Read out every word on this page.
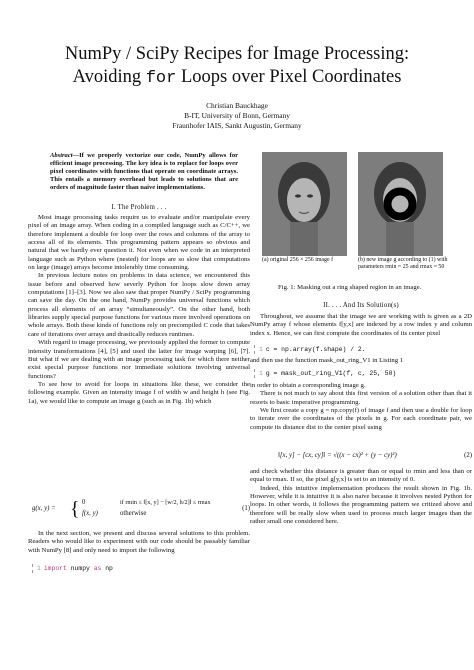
NumPy / SciPy Recipes for Image Processing:
Avoiding for Loops over Pixel Coordinates
Christian Bauckhage
B-IT, University of Bonn, Germany
Fraunhofer IAIS, Sankt Augustin, Germany
Abstract—If we properly vectorize our code, NumPy allows for efficient image processing. The key idea is to replace for loops over pixel coordinates with functions that operate on coordinate arrays. This entails a memory overhead but leads to solutions that are orders of magnitude faster than naive implementations.
I. The Problem . . .

Most image processing tasks require us to evaluate and/or manipulate every pixel of an image array. When coding in a compiled language such as C/C++, we therefore implement a double for loop over the rows and columns of the array to access all of its elements. This programming pattern appears so obvious and natural that we hardly ever question it. Not even when we code in an interpreted language such as Python where (nested) for loops are so slow that computations on large (image) arrays become intolerably time consuming.

In previous lecture notes on problems in data science, we encountered this issue before and observed how severly Python for loops slow down array computations [1]–[3]. Now we also saw that proper NumPy / SciPy programming can save the day. On the one hand, NumPy provides universal functions which process all elements of an array “simultaneously”. On the other hand, both libraries supply special purpose functions for various more involved operations on whole arrays. Both these kinds of functions rely on precompiled C code that takes care of iterations over arrays and drastically reduces runtimes.

With regard to image processing, we previously applied the former to compute intensity transformations [4], [5] and used the latter for image warping [6], [7]. But what if we are dealing with an image processing task for which there neither exist special purpose functions nor immediate solutions involving universal functions?

To see how to avoid for loops in situations like these, we consider the following example. Given an intensity image f of width w and height h (see Fig. 1a), we would like to compute an image g (such as in Fig. 1b) which

g(x, y) = { 0	if rmin ≤ ‖[x, y] − [w/2, h/2]‖ ≤ rmax
f(x, y)	otherwise
(1)

In the next section, we present and discuss several solutions to this problem. Readers who would like to experiment with our code should be passably familiar with NumPy [8] and only need to import the following

1 import numpy as np
(a) original 256 × 256 image f	(b) new image g according to (1) with parameters rmin = 25 and rmax = 50
Fig. 1: Masking out a ring shaped region in an image.
II. . . . And Its Solution(s)

Throughout, we assume that the image we are working with is given as a 2D NumPy array f whose elements f[y,x] are indexed by a row index y and column index x. Hence, we can first compute the coordinates of its center pixel

1 c = np.array(f.shape) / 2.

and then use the function mask_out_ring_V1 in Listing 1

1 g = mask_out_ring_V1(f, c, 25, 50)

in order to obtain a corresponding image g.

There is not much to say about this first version of a solution other than that it resorts to basic imperative programming.

We first create a copy g = np.copy(f) of image f and then use a double for loop to iterate over the coordinates of the pixels in g. For each coordinate pair, we compute its distance dist to the center pixel using

‖[x, y] − [cx, cy]‖ = √((x − cx)² + (y − cy)²)	(2)

and check whether this distance is greater than or equal to rmin and less than or equal to rmax. If so, the pixel g[y,x] is set to an intensity of 0.

Indeed, this intuitive implementation produces the result shown in Fig. 1b. However, while it is intuitive it is also naive because it involves nested Python for loops. In other words, it follows the programming pattern we critized above and therefore will be really slow when used to process much larger images than the rather small one considered here.
